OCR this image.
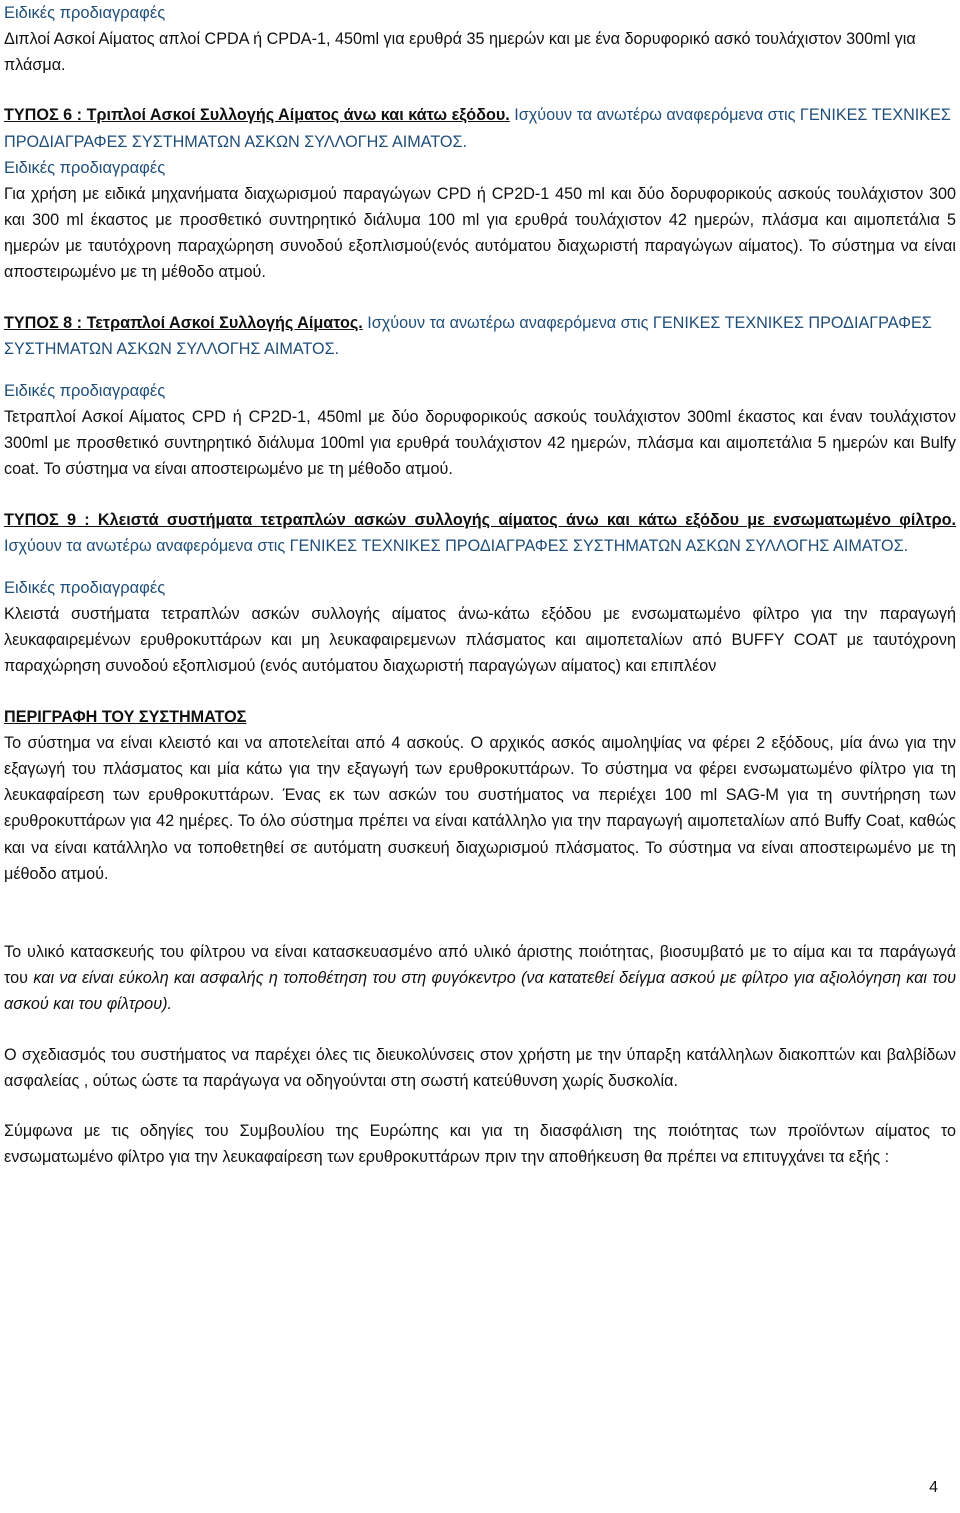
Ειδικές προδιαγραφές

Διπλοί Ασκοί Αίματος απλοί CPDA ή CPDA-1, 450ml για ερυθρά 35 ημερών και με ένα δορυφορικό ασκό τουλάχιστον 300ml για πλάσμα.

ΤΥΠΟΣ 6 : Τριπλοί Ασκοί Συλλογής Αίματος άνω και κάτω εξόδου. Ισχύουν τα ανωτέρω αναφερόμενα στις ΓΕΝΙΚΕΣ ΤΕΧΝΙΚΕΣ ΠΡΟΔΙΑΓΡΑΦΕΣ ΣΥΣΤΗΜΑΤΩΝ ΑΣΚΩΝ ΣΥΛΛΟΓΗΣ ΑΙΜΑΤΟΣ.

Ειδικές προδιαγραφές

Για χρήση με ειδικά μηχανήματα διαχωρισμού παραγώγων CPD ή CP2D-1 450 ml και δύο δορυφορικούς ασκούς τουλάχιστον 300 και 300 ml έκαστος με προσθετικό συντηρητικό διάλυμα 100 ml για ερυθρά τουλάχιστον 42 ημερών, πλάσμα και αιμοπετάλια 5 ημερών με ταυτόχρονη παραχώρηση συνοδού εξοπλισμού(ενός αυτόματου διαχωριστή παραγώγων αίματος). Το σύστημα να είναι αποστειρωμένο με τη μέθοδο ατμού.

ΤΥΠΟΣ 8 : Τετραπλοί Ασκοί Συλλογής Αίματος. Ισχύουν τα ανωτέρω αναφερόμενα στις ΓΕΝΙΚΕΣ ΤΕΧΝΙΚΕΣ ΠΡΟΔΙΑΓΡΑΦΕΣ ΣΥΣΤΗΜΑΤΩΝ ΑΣΚΩΝ ΣΥΛΛΟΓΗΣ ΑΙΜΑΤΟΣ.

Ειδικές προδιαγραφές

Τετραπλοί Ασκοί Αίματος CPD ή CP2D-1, 450ml με δύο δορυφορικούς ασκούς τουλάχιστον 300ml έκαστος και έναν τουλάχιστον 300ml με προσθετικό συντηρητικό διάλυμα 100ml για ερυθρά τουλάχιστον 42 ημερών, πλάσμα και αιμοπετάλια 5 ημερών και Bulfy coat. Το σύστημα να είναι αποστειρωμένο με τη μέθοδο ατμού.

ΤΥΠΟΣ 9 : Κλειστά συστήματα τετραπλών ασκών συλλογής αίματος άνω και κάτω εξόδου με ενσωματωμένο φίλτρο. Ισχύουν τα ανωτέρω αναφερόμενα στις ΓΕΝΙΚΕΣ ΤΕΧΝΙΚΕΣ ΠΡΟΔΙΑΓΡΑΦΕΣ ΣΥΣΤΗΜΑΤΩΝ ΑΣΚΩΝ ΣΥΛΛΟΓΗΣ ΑΙΜΑΤΟΣ.

Ειδικές προδιαγραφές

Κλειστά συστήματα τετραπλών ασκών συλλογής αίματος άνω-κάτω εξόδου με ενσωματωμένο φίλτρο για την παραγωγή λευκαφαιρεμένων ερυθροκυττάρων και μη λευκαφαιρεμενων πλάσματος και αιμοπεταλίων από BUFFY COAT με ταυτόχρονη παραχώρηση συνοδού εξοπλισμού (ενός αυτόματου διαχωριστή παραγώγων αίματος) και επιπλέον

ΠΕΡΙΓΡΑΦΗ ΤΟΥ ΣΥΣΤΗΜΑΤΟΣ

Το σύστημα να είναι κλειστό και να αποτελείται από 4 ασκούς. Ο αρχικός ασκός αιμοληψίας να φέρει 2 εξόδους, μία άνω για την εξαγωγή του πλάσματος και μία κάτω για την εξαγωγή των ερυθροκυττάρων. Το σύστημα να φέρει ενσωματωμένο φίλτρο για τη λευκαφαίρεση των ερυθροκυττάρων. Ένας εκ των ασκών του συστήματος να περιέχει 100 ml SAG-M για τη συντήρηση των ερυθροκυττάρων για 42 ημέρες. Το όλο σύστημα πρέπει να είναι κατάλληλο για την παραγωγή αιμοπεταλίων από Buffy Coat, καθώς και να είναι κατάλληλο να τοποθετηθεί σε αυτόματη συσκευή διαχωρισμού πλάσματος. Το σύστημα να είναι αποστειρωμένο με τη μέθοδο ατμού.

Το υλικό κατασκευής του φίλτρου να είναι κατασκευασμένο από υλικό άριστης ποιότητας, βιοσυμβατό με το αίμα και τα παράγωγά του και να είναι εύκολη και ασφαλής η τοποθέτηση του στη φυγόκεντρο (να κατατεθεί δείγμα ασκού με φίλτρο για αξιολόγηση και του ασκού και του φίλτρου).

Ο σχεδιασμός του συστήματος να παρέχει όλες τις διευκολύνσεις στον χρήστη με την ύπαρξη κατάλληλων διακοπτών και βαλβίδων ασφαλείας , ούτως ώστε τα παράγωγα να οδηγούνται στη σωστή κατεύθυνση χωρίς δυσκολία.

Σύμφωνα με τις οδηγίες του Συμβουλίου της Ευρώπης και για τη διασφάλιση της ποιότητας των προϊόντων αίματος το ενσωματωμένο φίλτρο για την λευκαφαίρεση των ερυθροκυττάρων πριν την αποθήκευση θα πρέπει να επιτυγχάνει τα εξής :

4
